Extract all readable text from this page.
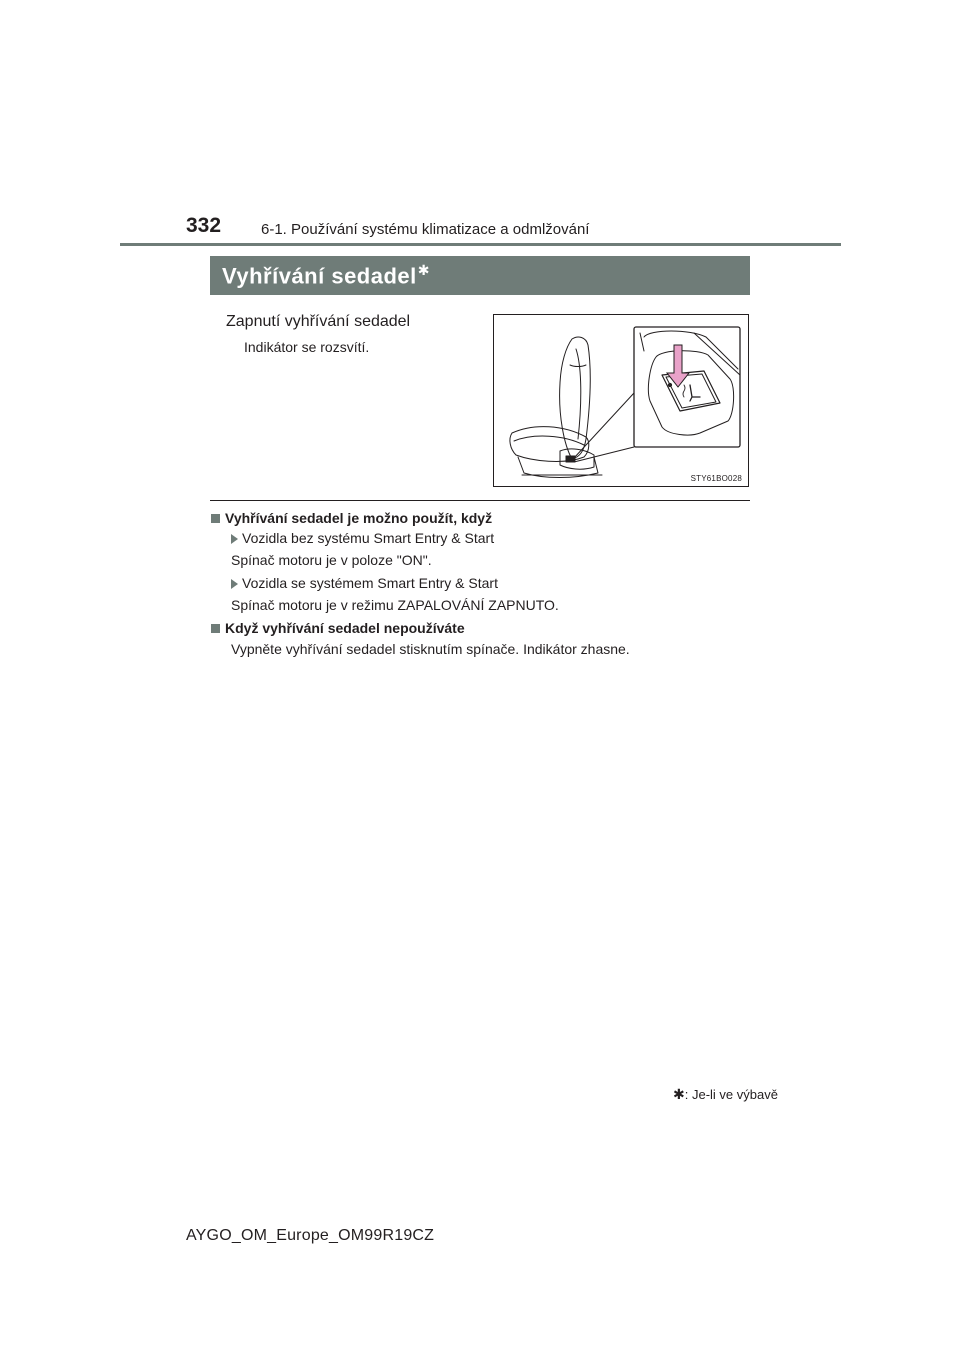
332	6-1. Používání systému klimatizace a odmlžování
Vyhřívání sedadel✱
Zapnutí vyhřívání sedadel
Indikátor se rozsvítí.
STY61BO028
Vyhřívání sedadel je možno použít, když
Vozidla bez systému Smart Entry & Start
Spínač motoru je v poloze "ON".
Vozidla se systémem Smart Entry & Start
Spínač motoru je v režimu ZAPALOVÁNÍ ZAPNUTO.
Když vyhřívání sedadel nepoužíváte
Vypněte vyhřívání sedadel stisknutím spínače. Indikátor zhasne.
✱: Je-li ve výbavě
AYGO_OM_Europe_OM99R19CZ
